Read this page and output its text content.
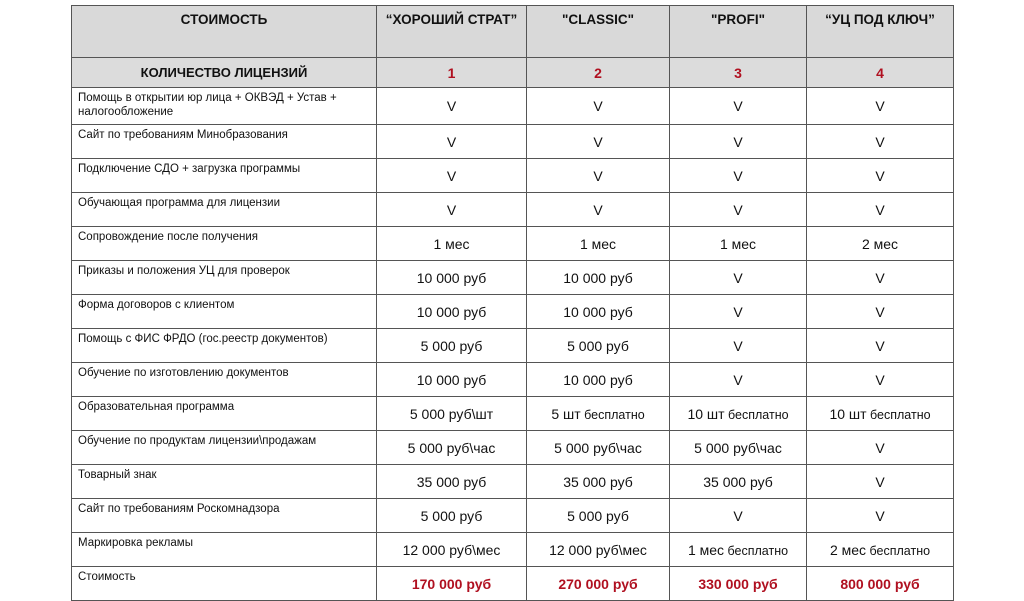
СТОИМОСТЬ	“ХОРОШИЙ СТРАТ”	"CLASSIC"	"PROFI"	“УЦ ПОД КЛЮЧ”
КОЛИЧЕСТВО ЛИЦЕНЗИЙ	1	2	3	4
Помощь в открытии юр лица + ОКВЭД + Устав + налогообложение	V	V	V	V
Сайт по требованиям Минобразования	V	V	V	V
Подключение СДО + загрузка программы	V	V	V	V
Обучающая программа для лицензии	V	V	V	V
Сопровождение после получения	1 мес	1 мес	1 мес	2 мес
Приказы и положения УЦ для проверок	10 000 руб	10 000 руб	V	V
Форма договоров с клиентом	10 000 руб	10 000 руб	V	V
Помощь с ФИС ФРДО (гос.реестр документов)	5 000 руб	5 000 руб	V	V
Обучение по изготовлению документов	10 000 руб	10 000 руб	V	V
Образовательная программа	5 000 руб\шт	5 шт бесплатно	10 шт бесплатно	10 шт бесплатно
Обучение по продуктам лицензии\продажам	5 000 руб\час	5 000 руб\час	5 000 руб\час	V
Товарный знак	35 000 руб	35 000 руб	35 000 руб	V
Сайт по требованиям Роскомнадзора	5 000 руб	5 000 руб	V	V
Маркировка рекламы	12 000 руб\мес	12 000 руб\мес	1 мес бесплатно	2 мес бесплатно
Стоимость	170 000 руб	270 000 руб	330 000 руб	800 000 руб
